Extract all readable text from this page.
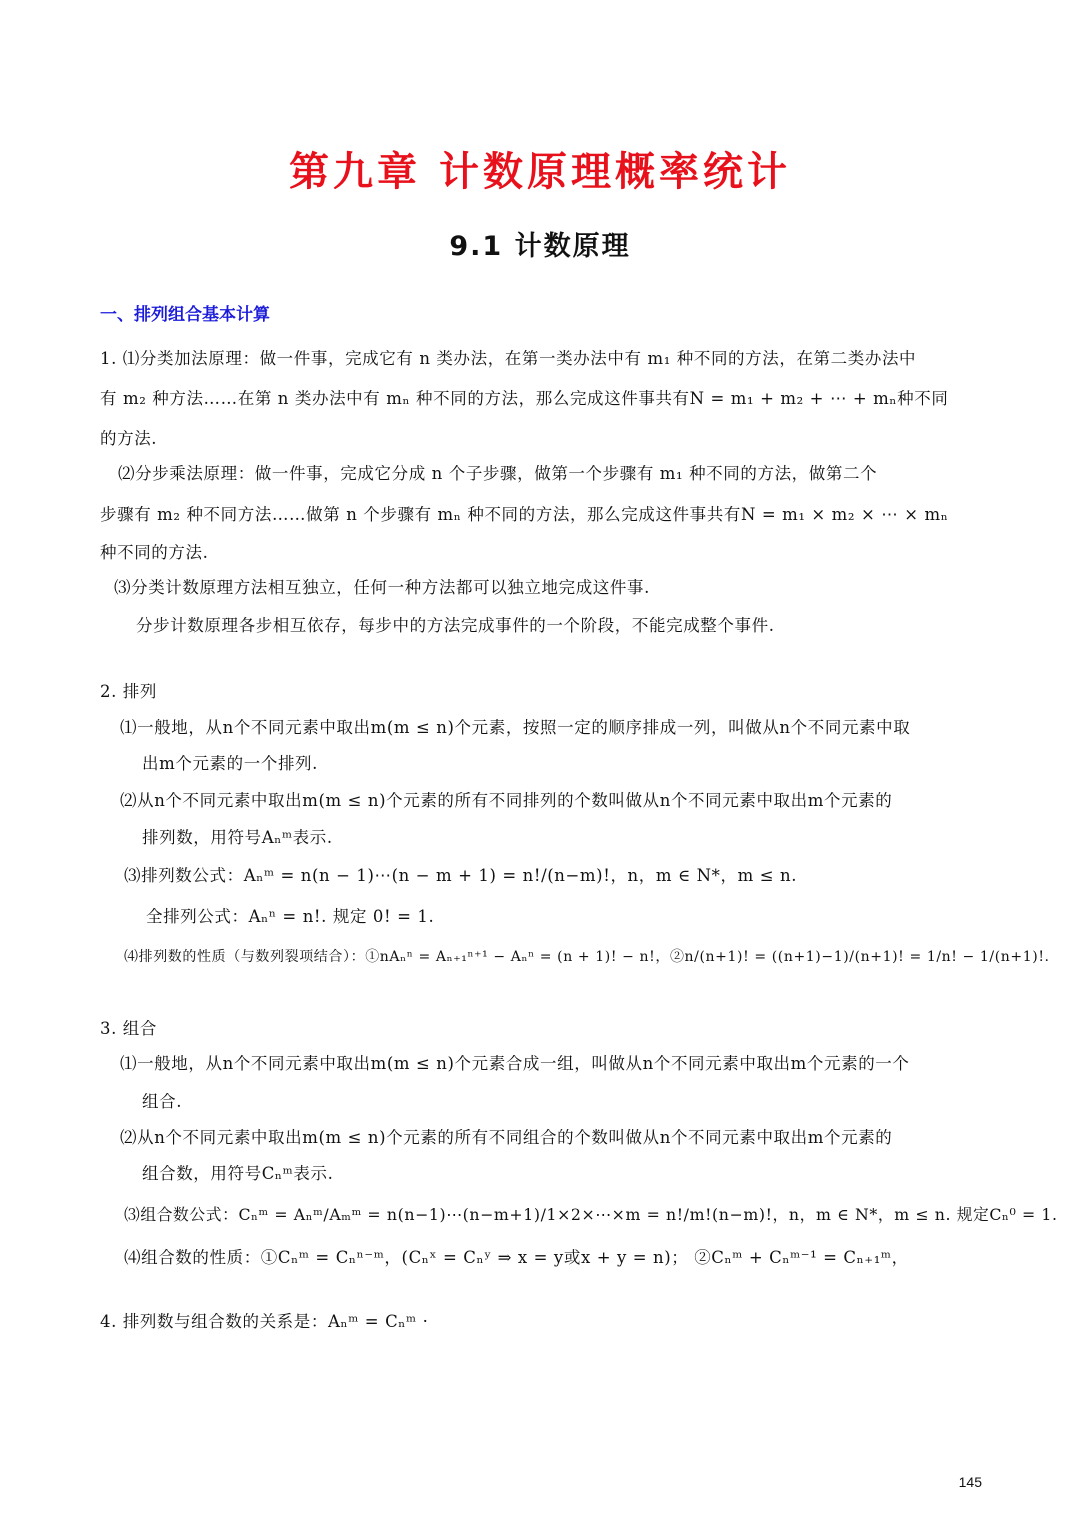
第九章 计数原理概率统计
9.1 计数原理
一、排列组合基本计算
1. ⑴分类加法原理：做一件事，完成它有 n 类办法，在第一类办法中有 m₁ 种不同的方法，在第二类办法中
有 m₂ 种方法……在第 n 类办法中有 mₙ 种不同的方法，那么完成这件事共有N = m₁ + m₂ + ⋯ + mₙ种不同
的方法.
⑵分步乘法原理：做一件事，完成它分成 n 个子步骤，做第一个步骤有 m₁ 种不同的方法，做第二个
步骤有 m₂ 种不同方法……做第 n 个步骤有 mₙ 种不同的方法，那么完成这件事共有N = m₁ × m₂ × ⋯ × mₙ
种不同的方法.
⑶分类计数原理方法相互独立，任何一种方法都可以独立地完成这件事.
分步计数原理各步相互依存，每步中的方法完成事件的一个阶段，不能完成整个事件.
2. 排列
⑴一般地，从n个不同元素中取出m(m ≤ n)个元素，按照一定的顺序排成一列，叫做从n个不同元素中取
出m个元素的一个排列.
⑵从n个不同元素中取出m(m ≤ n)个元素的所有不同排列的个数叫做从n个不同元素中取出m个元素的
排列数，用符号Aₙᵐ表示.
⑶排列数公式：Aₙᵐ = n(n − 1)⋯(n − m + 1) = n!/(n−m)!，n，m ∈ N*，m ≤ n.
全排列公式：Aₙⁿ = n!. 规定 0! = 1.
⑷排列数的性质（与数列裂项结合）：①nAₙⁿ = Aₙ₊₁ⁿ⁺¹ − Aₙⁿ = (n + 1)! − n!，②n/(n+1)! = ((n+1)−1)/(n+1)! = 1/n! − 1/(n+1)!.
3. 组合
⑴一般地，从n个不同元素中取出m(m ≤ n)个元素合成一组，叫做从n个不同元素中取出m个元素的一个
组合.
⑵从n个不同元素中取出m(m ≤ n)个元素的所有不同组合的个数叫做从n个不同元素中取出m个元素的
组合数，用符号Cₙᵐ表示.
⑶组合数公式：Cₙᵐ = Aₙᵐ/Aₘᵐ = n(n−1)⋯(n−m+1)/1×2×⋯×m = n!/m!(n−m)!，n，m ∈ N*，m ≤ n. 规定Cₙ⁰ = 1.
⑷组合数的性质：①Cₙᵐ = Cₙⁿ⁻ᵐ，(Cₙˣ = Cₙʸ ⇒ x = y或x + y = n)； ②Cₙᵐ + Cₙᵐ⁻¹ = Cₙ₊₁ᵐ，
4. 排列数与组合数的关系是：Aₙᵐ = Cₙᵐ ·
145
